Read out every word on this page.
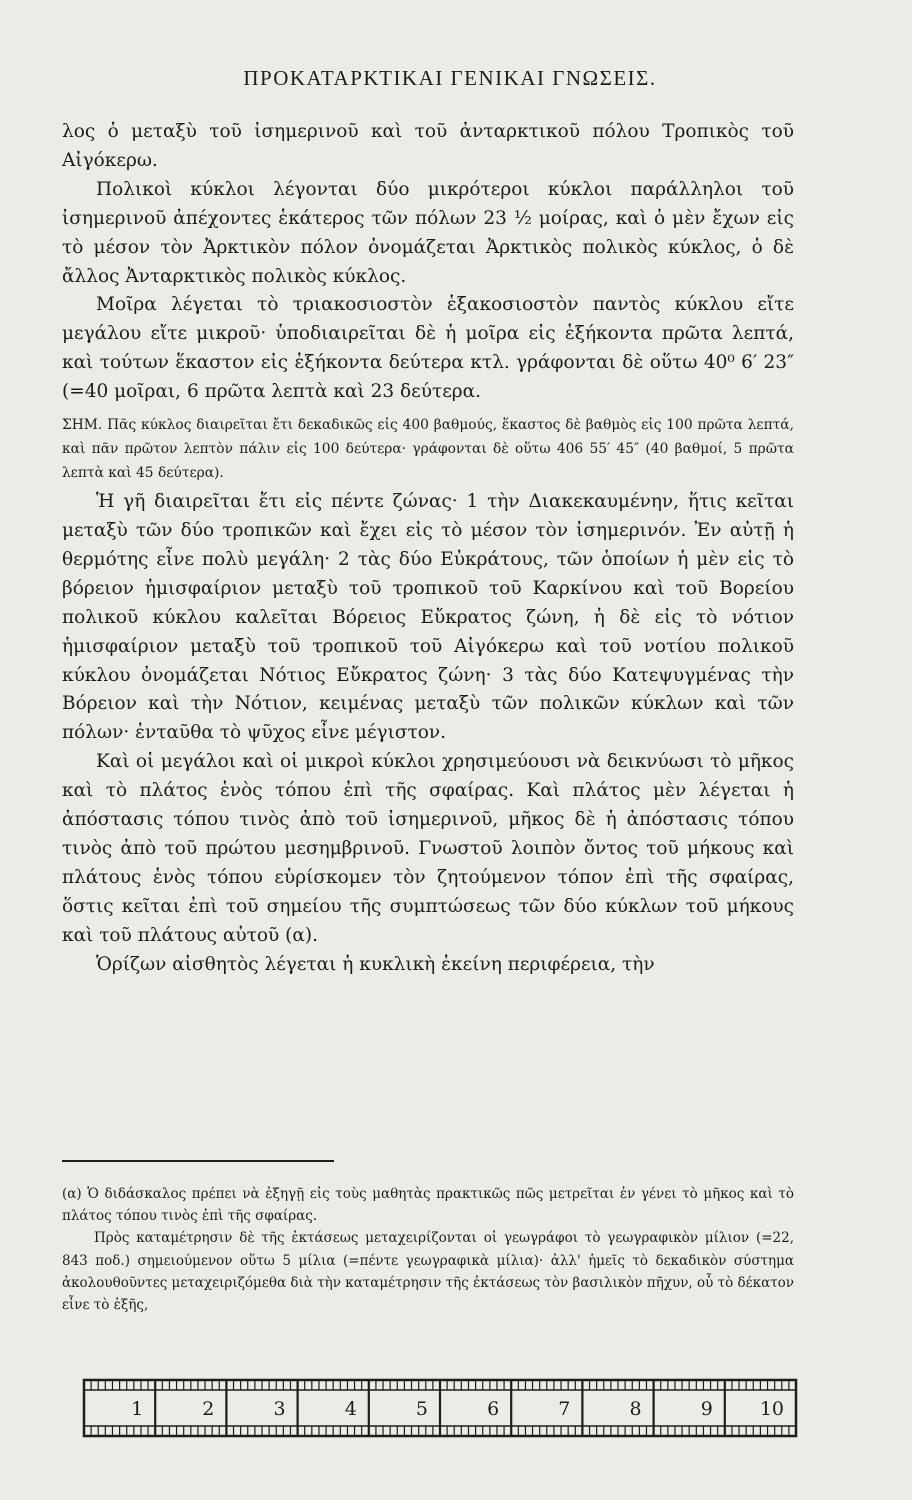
ΠΡΟΚΑΤΑΡΚΤΙΚΑΙ ΓΕΝΙΚΑΙ ΓΝΩΣΕΙΣ.

λος ὁ μεταξὺ τοῦ ἰσημερινοῦ καὶ τοῦ ἀνταρκτικοῦ πόλου Τροπικὸς τοῦ Αἰγόκερω.

Πολικοὶ κύκλοι λέγονται δύο μικρότεροι κύκλοι παράλληλοι τοῦ ἰσημερινοῦ ἀπέχοντες ἑκάτερος τῶν πόλων 23 ½ μοίρας, καὶ ὁ μὲν ἔχων εἰς τὸ μέσον τὸν Ἀρκτικὸν πόλον ὀνομάζεται Ἀρκτικὸς πολικὸς κύκλος, ὁ δὲ ἄλλος Ἀνταρκτικὸς πολικὸς κύκλος.

Μοῖρα λέγεται τὸ τριακοσιοστὸν ἑξακοσιοστὸν παντὸς κύκλου εἴτε μεγάλου εἴτε μικροῦ· ὑποδιαιρεῖται δὲ ἡ μοῖρα εἰς ἑξήκοντα πρῶτα λεπτά, καὶ τούτων ἕκαστον εἰς ἑξήκοντα δεύτερα κτλ. γράφονται δὲ οὕτω 40⁰ 6′ 23″ (=40 μοῖραι, 6 πρῶτα λεπτὰ καὶ 23 δεύτερα.

ΣΗΜ. Πᾶς κύκλος διαιρεῖται ἔτι δεκαδικῶς εἰς 400 βαθμούς, ἕκαστος δὲ βαθμὸς εἰς 100 πρῶτα λεπτά, καὶ πᾶν πρῶτον λεπτὸν πάλιν εἰς 100 δεύτερα· γράφονται δὲ οὕτω 406 55′ 45″ (40 βαθμοί, 5 πρῶτα λεπτὰ καὶ 45 δεύτερα).

Ἡ γῆ διαιρεῖται ἔτι εἰς πέντε ζώνας· 1 τὴν Διακεκαυμένην, ἥτις κεῖται μεταξὺ τῶν δύο τροπικῶν καὶ ἔχει εἰς τὸ μέσον τὸν ἰσημερινόν. Ἐν αὐτῇ ἡ θερμότης εἶνε πολὺ μεγάλη· 2 τὰς δύο Εὐκράτους, τῶν ὁποίων ἡ μὲν εἰς τὸ βόρειον ἡμισφαίριον μεταξὺ τοῦ τροπικοῦ τοῦ Καρκίνου καὶ τοῦ Βορείου πολικοῦ κύκλου καλεῖται Βόρειος Εὔκρατος ζώνη, ἡ δὲ εἰς τὸ νότιον ἡμισφαίριον μεταξὺ τοῦ τροπικοῦ τοῦ Αἰγόκερω καὶ τοῦ νοτίου πολικοῦ κύκλου ὀνομάζεται Νότιος Εὔκρατος ζώνη· 3 τὰς δύο Κατεψυγμένας τὴν Βόρειον καὶ τὴν Νότιον, κειμένας μεταξὺ τῶν πολικῶν κύκλων καὶ τῶν πόλων· ἐνταῦθα τὸ ψῦχος εἶνε μέγιστον.

Καὶ οἱ μεγάλοι καὶ οἱ μικροὶ κύκλοι χρησιμεύουσι νὰ δεικνύωσι τὸ μῆκος καὶ τὸ πλάτος ἑνὸς τόπου ἐπὶ τῆς σφαίρας. Καὶ πλάτος μὲν λέγεται ἡ ἀπόστασις τόπου τινὸς ἀπὸ τοῦ ἰσημερινοῦ, μῆκος δὲ ἡ ἀπόστασις τόπου τινὸς ἀπὸ τοῦ πρώτου μεσημβρινοῦ. Γνωστοῦ λοιπὸν ὄντος τοῦ μήκους καὶ πλάτους ἑνὸς τόπου εὑρίσκομεν τὸν ζητούμενον τόπον ἐπὶ τῆς σφαίρας, ὅστις κεῖται ἐπὶ τοῦ σημείου τῆς συμπτώσεως τῶν δύο κύκλων τοῦ μήκους καὶ τοῦ πλάτους αὐτοῦ (α).

Ὁρίζων αἰσθητὸς λέγεται ἡ κυκλικὴ ἐκείνη περιφέρεια, τὴν

(α) Ὁ διδάσκαλος πρέπει νὰ ἐξηγῇ εἰς τοὺς μαθητὰς πρακτικῶς πῶς μετρεῖται ἐν γένει τὸ μῆκος καὶ τὸ πλάτος τόπου τινὸς ἐπὶ τῆς σφαίρας.

Πρὸς καταμέτρησιν δὲ τῆς ἐκτάσεως μεταχειρίζονται οἱ γεωγράφοι τὸ γεωγραφικὸν μίλιον (=22, 843 ποδ.) σημειούμενον οὕτω 5 μίλια (=πέντε γεωγραφικὰ μίλια)· ἀλλ' ἡμεῖς τὸ δεκαδικὸν σύστημα ἀκολουθοῦντες μεταχειριζόμεθα διὰ τὴν καταμέτρησιν τῆς ἐκτάσεως τὸν βασιλικὸν πῆχυν, οὗ τὸ δέκατον εἶνε τὸ ἑξῆς,

1	2	3	4	5	6	7	8	9 10
